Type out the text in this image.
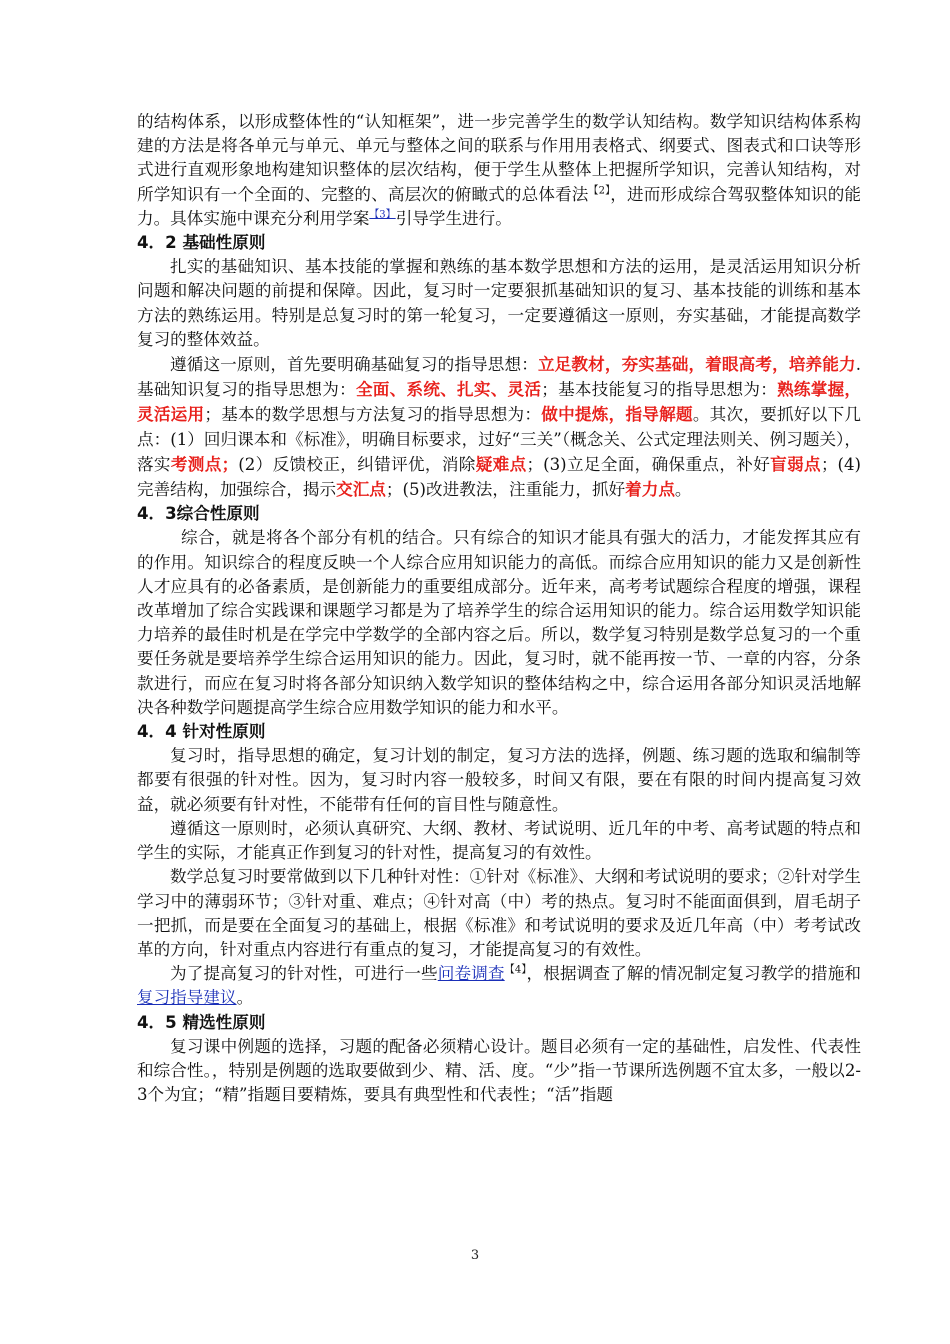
的结构体系，以形成整体性的“认知框架”，进一步完善学生的数学认知结构。数学知识结构体系构建的方法是将各单元与单元、单元与整体之间的联系与作用用表格式、纲要式、图表式和口诀等形式进行直观形象地构建知识整体的层次结构，便于学生从整体上把握所学知识，完善认知结构，对所学知识有一个全面的、完整的、高层次的俯瞰式的总体看法$^{【2】}$，进而形成综合驾驭整体知识的能力。具体实施中课充分利用学案$^{【3】}$引导学生进行。

4．2 基础性原则

扎实的基础知识、基本技能的掌握和熟练的基本数学思想和方法的运用，是灵活运用知识分析问题和解决问题的前提和保障。因此，复习时一定要狠抓基础知识的复习、基本技能的训练和基本方法的熟练运用。特别是总复习时的第一轮复习，一定要遵循这一原则，夯实基础，才能提高数学复习的整体效益。

遵循这一原则，首先要明确基础复习的指导思想：立足教材，夯实基础，着眼高考，培养能力.基础知识复习的指导思想为：全面、系统、扎实、灵活；基本技能复习的指导思想为：熟练掌握，灵活运用；基本的数学思想与方法复习的指导思想为：做中提炼，指导解题。其次，要抓好以下几点：(1）回归课本和《标准》，明确目标要求，过好“三关”（概念关、公式定理法则关、例习题关），落实考测点；(2）反馈校正，纠错评优，消除疑难点；(3)立足全面，确保重点，补好盲弱点；(4)完善结构，加强综合，揭示交汇点；(5)改进教法，注重能力，抓好着力点。

4．3综合性原则

综合，就是将各个部分有机的结合。只有综合的知识才能具有强大的活力，才能发挥其应有的作用。知识综合的程度反映一个人综合应用知识能力的高低。而综合应用知识的能力又是创新性人才应具有的必备素质，是创新能力的重要组成部分。近年来，高考考试题综合程度的增强，课程改革增加了综合实践课和课题学习都是为了培养学生的综合运用知识的能力。综合运用数学知识能力培养的最佳时机是在学完中学数学的全部内容之后。所以，数学复习特别是数学总复习的一个重要任务就是要培养学生综合运用知识的能力。因此，复习时，就不能再按一节、一章的内容，分条款进行，而应在复习时将各部分知识纳入数学知识的整体结构之中，综合运用各部分知识灵活地解决各种数学问题提高学生综合应用数学知识的能力和水平。

4．4 针对性原则

复习时，指导思想的确定，复习计划的制定，复习方法的选择，例题、练习题的选取和编制等都要有很强的针对性。因为，复习时内容一般较多，时间又有限，要在有限的时间内提高复习效益，就必须要有针对性，不能带有任何的盲目性与随意性。

遵循这一原则时，必须认真研究、大纲、教材、考试说明、近几年的中考、高考试题的特点和学生的实际，才能真正作到复习的针对性，提高复习的有效性。

数学总复习时要常做到以下几种针对性：①针对《标准》、大纲和考试说明的要求；②针对学生学习中的薄弱环节；③针对重、难点；④针对高（中）考的热点。复习时不能面面俱到，眉毛胡子一把抓，而是要在全面复习的基础上，根据《标准》和考试说明的要求及近几年高（中）考考试改革的方向，针对重点内容进行有重点的复习，才能提高复习的有效性。

为了提高复习的针对性，可进行一些问卷调查$^{【4】}$，根据调查了解的情况制定复习教学的措施和复习指导建议。

4．5 精选性原则

复习课中例题的选择，习题的配备必须精心设计。题目必须有一定的基础性，启发性、代表性和综合性。，特别是例题的选取要做到少、精、活、度。“少”指一节课所选例题不宜太多，一般以2-3个为宜；“精”指题目要精炼，要具有典型性和代表性；“活”指题

3
